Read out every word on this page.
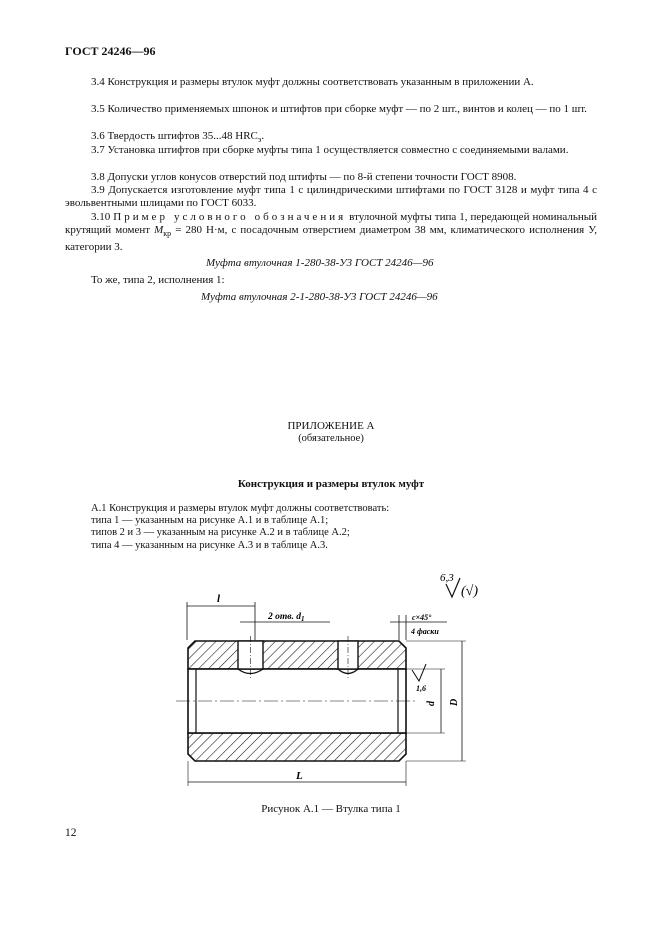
ГОСТ 24246—96
3.4 Конструкция и размеры втулок муфт должны соответствовать указанным в приложении А.
3.5 Количество применяемых шпонок и штифтов при сборке муфт — по 2 шт., винтов и колец — по 1 шт.
3.6 Твердость штифтов 35...48 $HRC_э$.
3.7 Установка штифтов при сборке муфты типа 1 осуществляется совместно с соединяемыми валами.
3.8 Допуски углов конусов отверстий под штифты — по 8-й степени точности ГОСТ 8908.
3.9 Допускается изготовление муфт типа 1 с цилиндрическими штифтами по ГОСТ 3128 и муфт типа 4 с эвольвентными шлицами по ГОСТ 6033.
3.10 Пример условного обозначения втулочной муфты типа 1, передающей номинальный крутящий момент $M_{кр} = 280$ Н·м, с посадочным отверстием диаметром 38 мм, климатического исполнения У, категории 3.
Муфта втулочная 1-280-38-У3 ГОСТ 24246—96
То же, типа 2, исполнения 1:
Муфта втулочная 2-1-280-38-У3 ГОСТ 24246—96
ПРИЛОЖЕНИЕ А
(обязательное)
Конструкция и размеры втулок муфт
А.1 Конструкция и размеры втулок муфт должны соответствовать:
типа 1 — указанным на рисунке А.1 и в таблице А.1;
типов 2 и 3 — указанным на рисунке А.2 и в таблице А.2;
типа 4 — указанным на рисунке А.3 и в таблице А.3.
6,3
(√)
l
2 отв. $d_1$	c×45°
4 фаски
d D
1,6
L
Рисунок А.1 — Втулка типа 1
12
